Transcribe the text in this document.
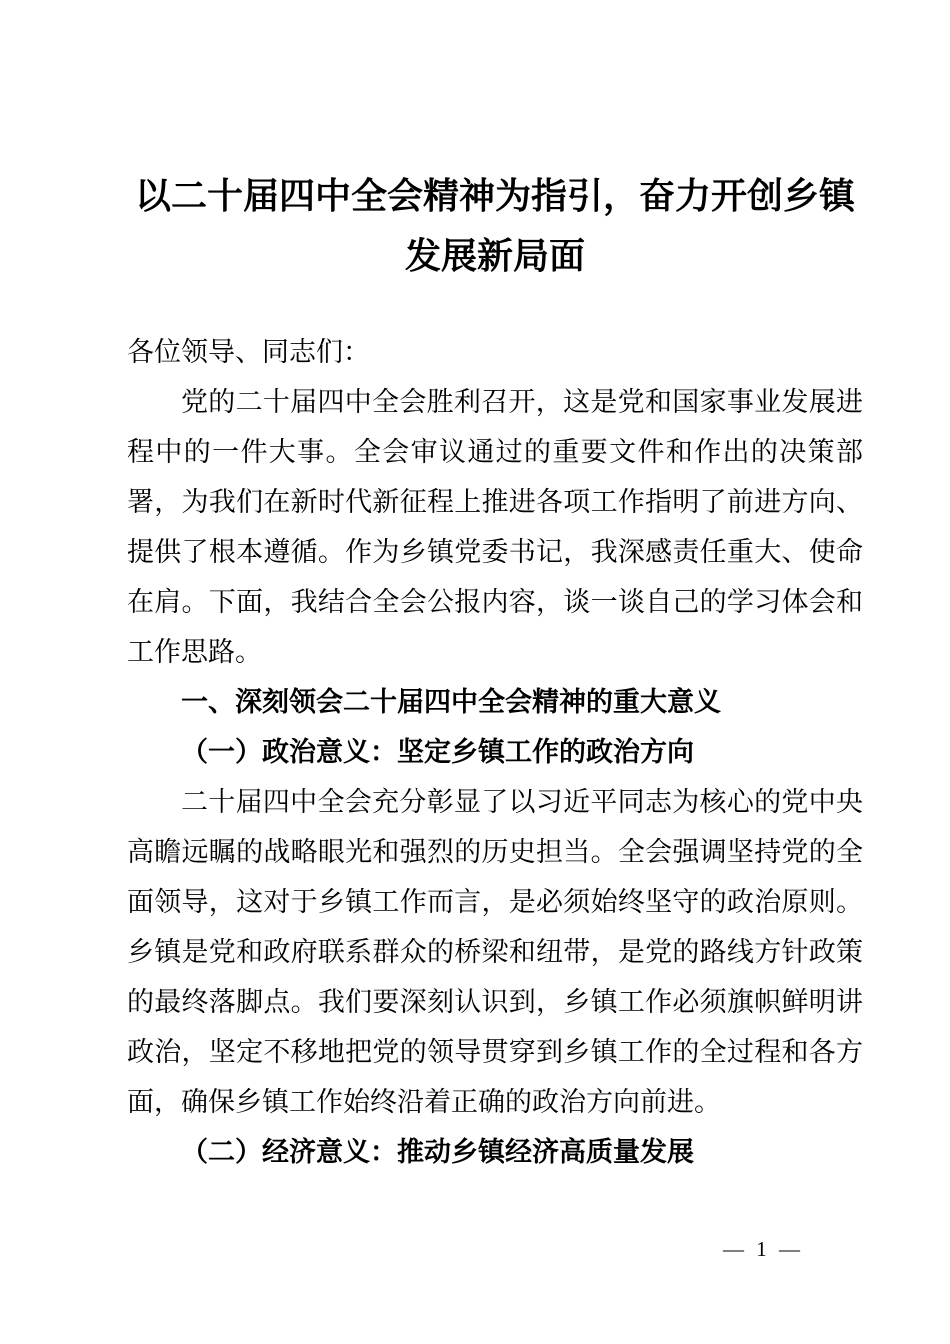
以二十届四中全会精神为指引，奋力开创乡镇发展新局面

各位领导、同志们：

党的二十届四中全会胜利召开，这是党和国家事业发展进程中的一件大事。全会审议通过的重要文件和作出的决策部署，为我们在新时代新征程上推进各项工作指明了前进方向、提供了根本遵循。作为乡镇党委书记，我深感责任重大、使命在肩。下面，我结合全会公报内容，谈一谈自己的学习体会和工作思路。

一、深刻领会二十届四中全会精神的重大意义

（一）政治意义：坚定乡镇工作的政治方向

二十届四中全会充分彰显了以习近平同志为核心的党中央高瞻远瞩的战略眼光和强烈的历史担当。全会强调坚持党的全面领导，这对于乡镇工作而言，是必须始终坚守的政治原则。乡镇是党和政府联系群众的桥梁和纽带，是党的路线方针政策的最终落脚点。我们要深刻认识到，乡镇工作必须旗帜鲜明讲政治，坚定不移地把党的领导贯穿到乡镇工作的全过程和各方面，确保乡镇工作始终沿着正确的政治方向前进。

（二）经济意义：推动乡镇经济高质量发展

— 1 —
